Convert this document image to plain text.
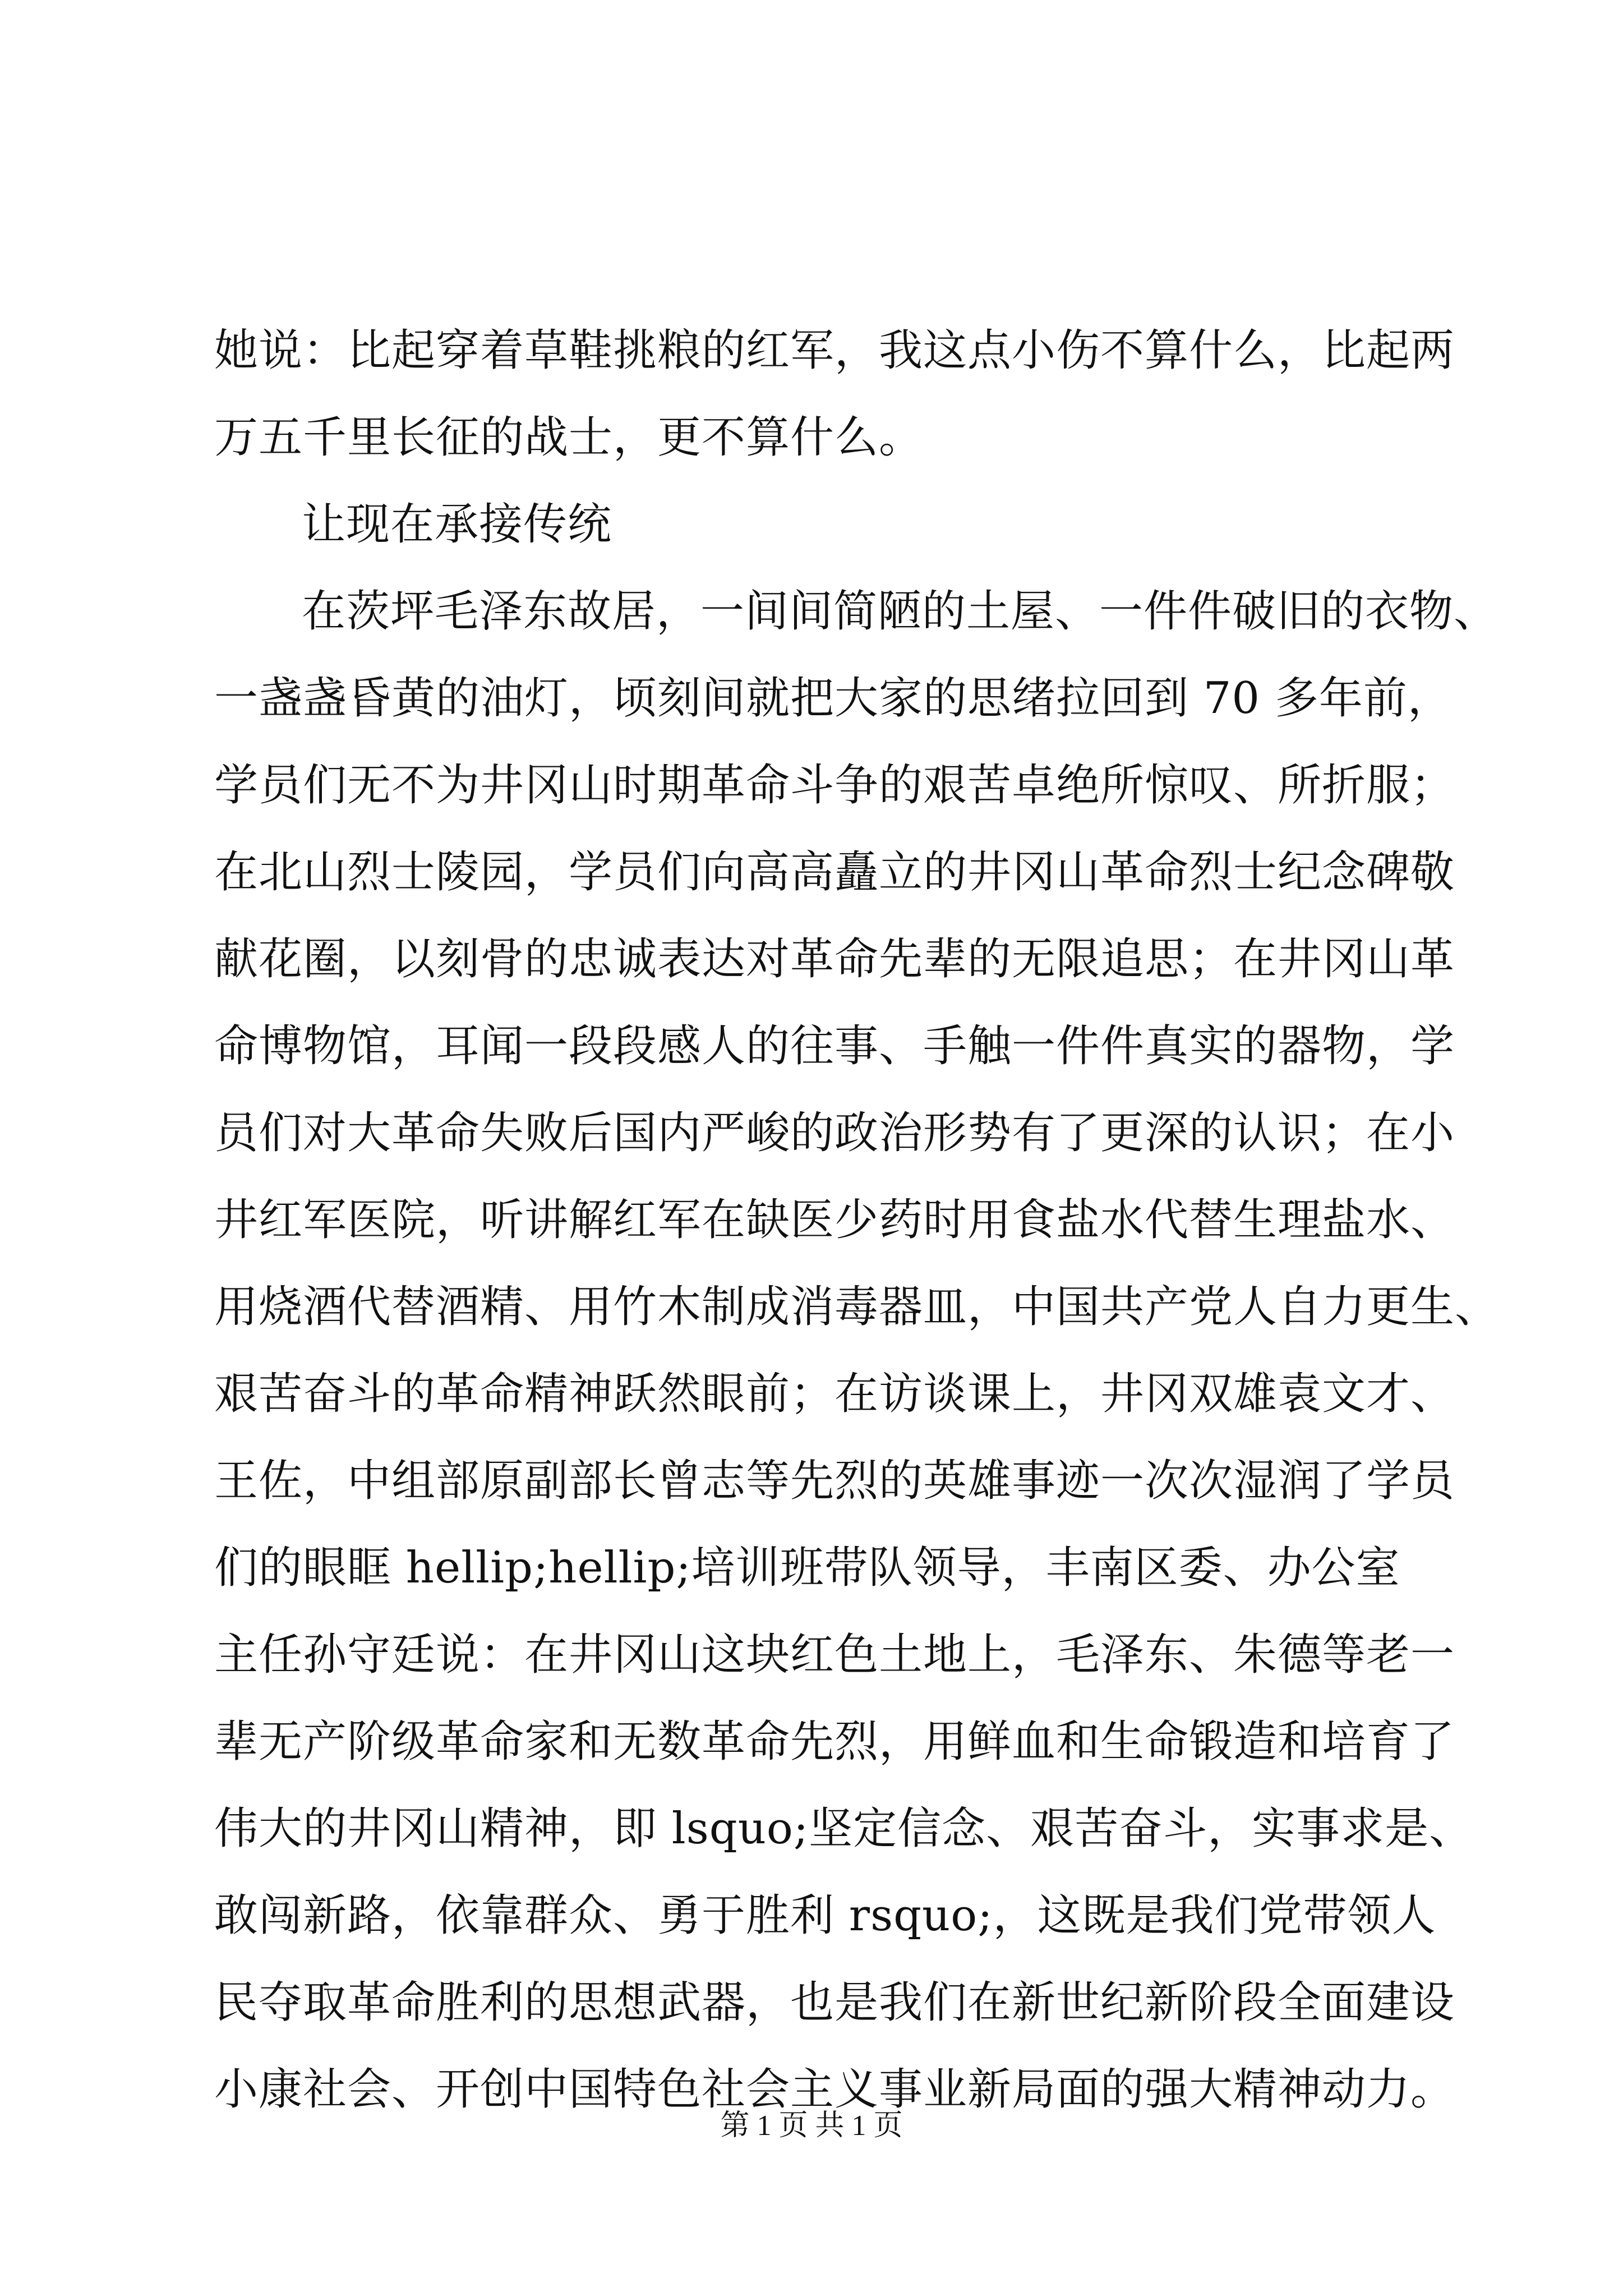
她说：比起穿着草鞋挑粮的红军，我这点小伤不算什么，比起两
万五千里长征的战士，更不算什么。
让现在承接传统
在茨坪毛泽东故居，一间间简陋的土屋、一件件破旧的衣物、
一盏盏昏黄的油灯，顷刻间就把大家的思绪拉回到 70 多年前，
学员们无不为井冈山时期革命斗争的艰苦卓绝所惊叹、所折服；
在北山烈士陵园，学员们向高高矗立的井冈山革命烈士纪念碑敬
献花圈，以刻骨的忠诚表达对革命先辈的无限追思；在井冈山革
命博物馆，耳闻一段段感人的往事、手触一件件真实的器物，学
员们对大革命失败后国内严峻的政治形势有了更深的认识；在小
井红军医院，听讲解红军在缺医少药时用食盐水代替生理盐水、
用烧酒代替酒精、用竹木制成消毒器皿，中国共产党人自力更生、
艰苦奋斗的革命精神跃然眼前；在访谈课上，井冈双雄袁文才、
王佐，中组部原副部长曾志等先烈的英雄事迹一次次湿润了学员
们的眼眶 hellip;hellip;培训班带队领导，丰南区委、办公室
主任孙守廷说：在井冈山这块红色土地上，毛泽东、朱德等老一
辈无产阶级革命家和无数革命先烈，用鲜血和生命锻造和培育了
伟大的井冈山精神，即 lsquo;坚定信念、艰苦奋斗，实事求是、
敢闯新路，依靠群众、勇于胜利 rsquo;，这既是我们党带领人
民夺取革命胜利的思想武器，也是我们在新世纪新阶段全面建设
小康社会、开创中国特色社会主义事业新局面的强大精神动力。
第 1 页 共 1 页
